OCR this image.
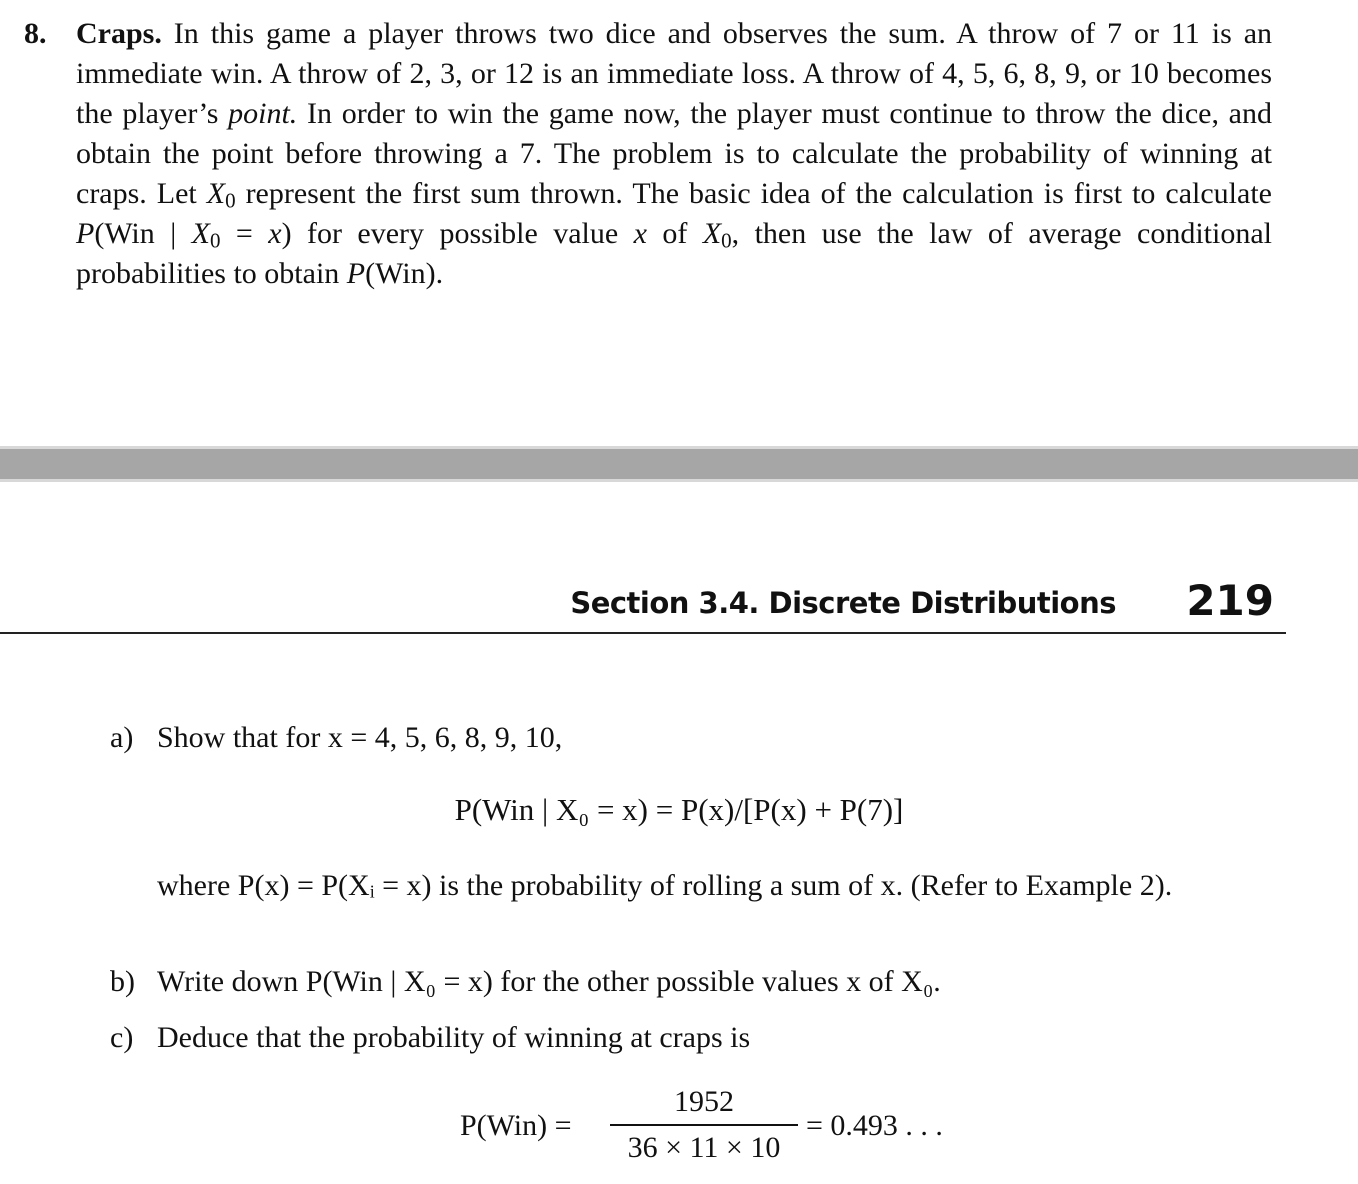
8. Craps. In this game a player throws two dice and observes the sum. A throw of 7 or 11 is an immediate win. A throw of 2, 3, or 12 is an immediate loss. A throw of 4, 5, 6, 8, 9, or 10 becomes the player’s point. In order to win the game now, the player must continue to throw the dice, and obtain the point before throwing a 7. The problem is to calculate the probability of winning at craps. Let $X_0$ represent the first sum thrown. The basic idea of the calculation is first to calculate P(Win | $X_0 = x$) for every possible value x of $X_0$, then use the law of average conditional probabilities to obtain P(Win).
Section 3.4. Discrete Distributions 219
a) Show that for x = 4, 5, 6, 8, 9, 10,
P(Win | X₀ = x) = P(x)/[P(x) + P(7)]
where P(x) = P(Xᵢ = x) is the probability of rolling a sum of x. (Refer to Example 2).
b) Write down P(Win | X₀ = x) for the other possible values x of X₀.
c) Deduce that the probability of winning at craps is
P(Win) =
1952
36 × 11 × 10
= 0.493 . . .
